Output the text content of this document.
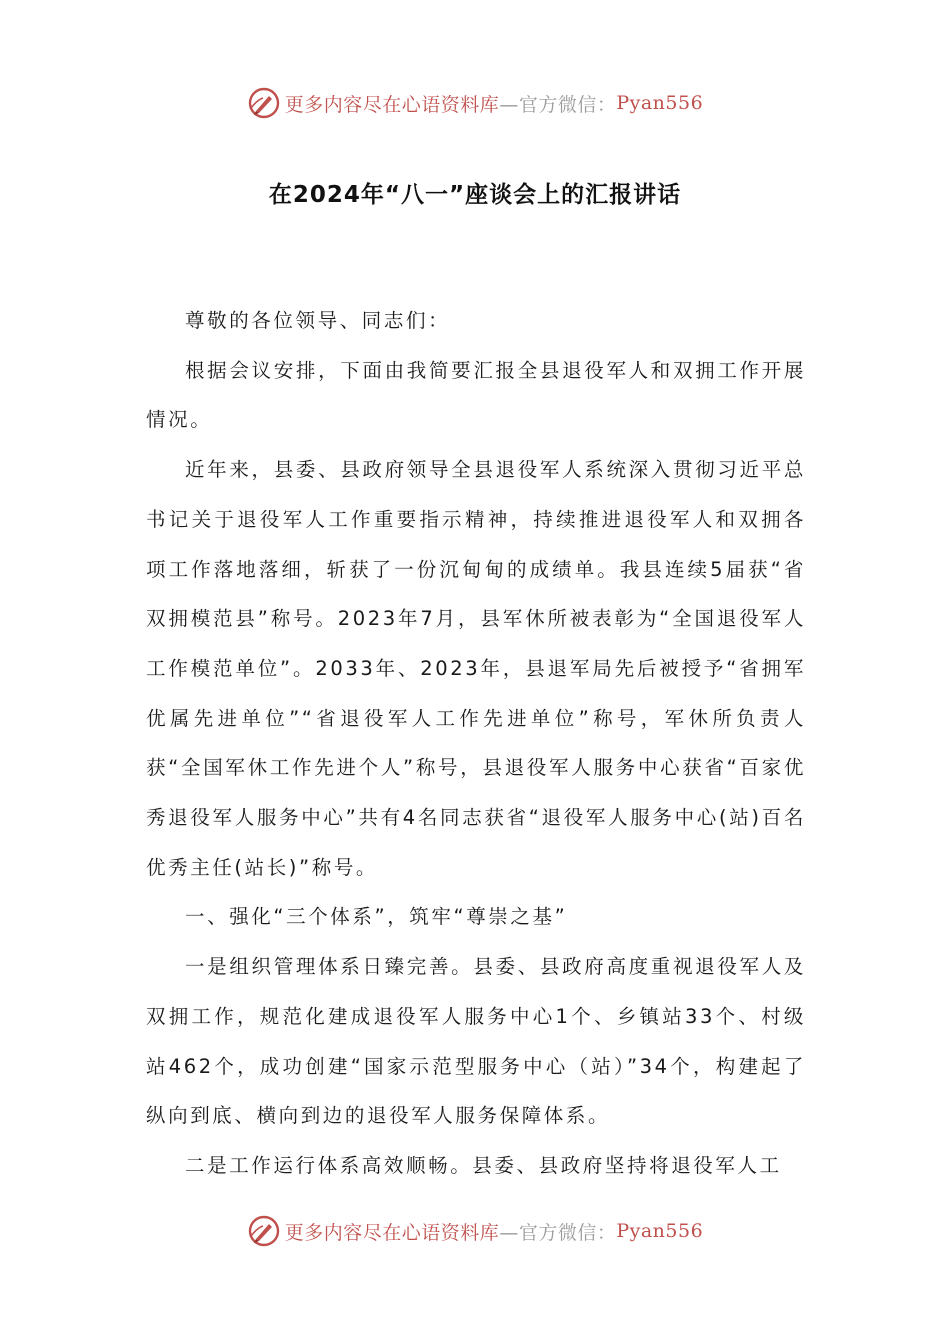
更多内容尽在心语资料库 —官方微信： Pyan556
在2024年“八一”座谈会上的汇报讲话

尊敬的各位领导、同志们：

根据会议安排，下面由我简要汇报全县退役军人和双拥工作开展情况。

近年来，县委、县政府领导全县退役军人系统深入贯彻习近平总书记关于退役军人工作重要指示精神，持续推进退役军人和双拥各项工作落地落细，斩获了一份沉甸甸的成绩单。我县连续5届获“省双拥模范县”称号。2023年7月，县军休所被表彰为“全国退役军人工作模范单位”。2033年、2023年，县退军局先后被授予“省拥军优属先进单位”“省退役军人工作先进单位”称号，军休所负责人获“全国军休工作先进个人”称号，县退役军人服务中心获省“百家优秀退役军人服务中心”共有4名同志获省“退役军人服务中心(站)百名优秀主任(站长)”称号。

一、强化“三个体系”，筑牢“尊崇之基”

一是组织管理体系日臻完善。县委、县政府高度重视退役军人及双拥工作，规范化建成退役军人服务中心1个、乡镇站33个、村级站462个，成功创建“国家示范型服务中心（站）”34个，构建起了纵向到底、横向到边的退役军人服务保障体系。

二是工作运行体系高效顺畅。县委、县政府坚持将退役军人工

更多内容尽在心语资料库 —官方微信： Pyan556
